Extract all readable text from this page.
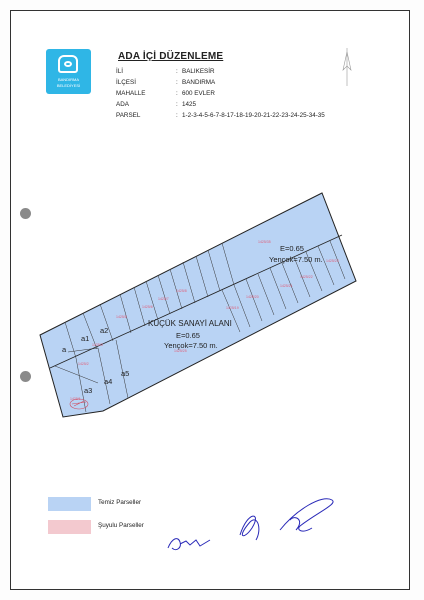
BANDIRMA
BELEDİYESİ
ADA İÇİ DÜZENLEME
İLİ	: BALIKESİR
İLÇESİ	: BANDIRMA
MAHALLE	: 600 EVLER
ADA	: 1425
PARSEL	: 1-2-3-4-5-6-7-8-17-18-19-20-21-22-23-24-25-34-35
1425/35
1425/23
1425/22
1425/21
1425/20
1425/19
1425/8
1425/7
1425/6
1425/5
1425/25
1425/3
1425/2
1425/1
KÜÇÜK SANAYİ ALANI
E=0.65
Yençok=7.50 m.
E=0.65
Yençok=7.50 m.
a
a1
a2
a3
a4
a5
Temiz Parseller
Şuyulu Parseller
